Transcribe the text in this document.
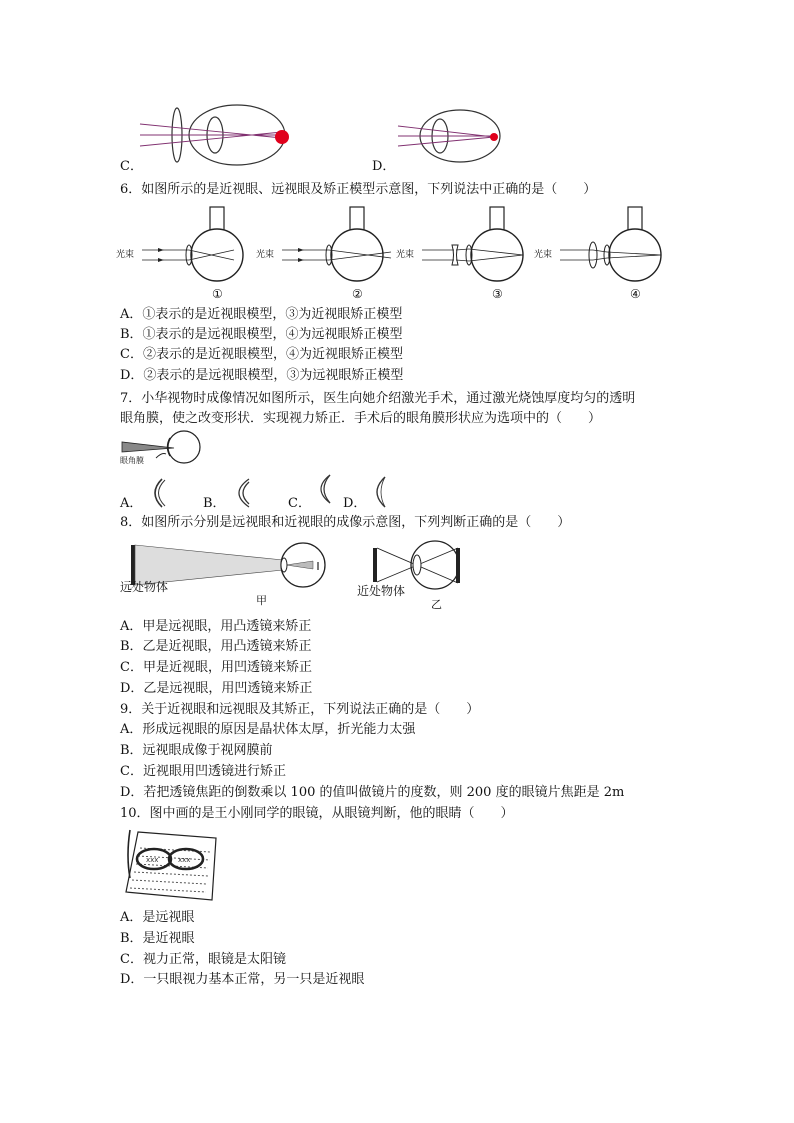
C．	D．
6．如图所示的是近视眼、远视眼及矫正模型示意图，下列说法中正确的是（　　）
光束
①
光束
②
光束
③
光束
④
A．①表示的是近视眼模型，③为近视眼矫正模型
B．①表示的是远视眼模型，④为远视眼矫正模型
C．②表示的是近视眼模型，④为近视眼矫正模型
D．②表示的是远视眼模型，③为远视眼矫正模型
7．小华视物时成像情况如图所示，医生向她介绍激光手术，通过激光烧蚀厚度均匀的透明
眼角膜，使之改变形状．实现视力矫正．手术后的眼角膜形状应为选项中的（　　）
眼角膜
A．	B．	C． D．
8．如图所示分别是远视眼和近视眼的成像示意图，下列判断正确的是（　　）
远处物体
甲
近处物体
乙
A．甲是远视眼，用凸透镜来矫正
B．乙是近视眼，用凸透镜来矫正
C．甲是近视眼，用凹透镜来矫正
D．乙是远视眼，用凹透镜来矫正
9．关于近视眼和远视眼及其矫正，下列说法正确的是（　　）
A．形成远视眼的原因是晶状体太厚，折光能力太强
B．远视眼成像于视网膜前
C．近视眼用凹透镜进行矫正
D．若把透镜焦距的倒数乘以 100 的值叫做镜片的度数，则 200 度的眼镜片焦距是 2m
10．图中画的是王小刚同学的眼镜，从眼镜判断，他的眼睛（　　）
xxx	xxx
A．是远视眼
B．是近视眼
C．视力正常，眼镜是太阳镜
D．一只眼视力基本正常，另一只是近视眼
